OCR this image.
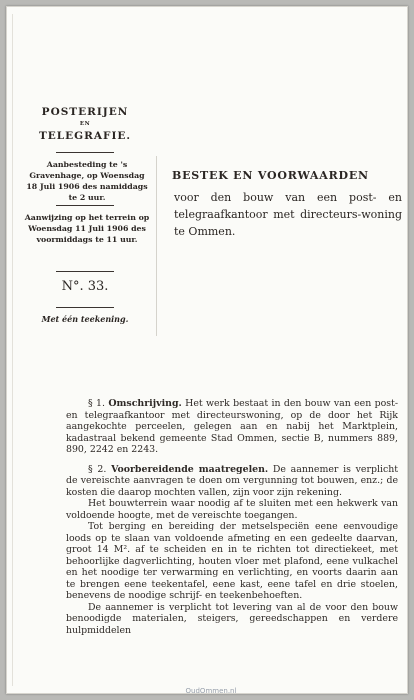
POSTERIJEN
EN
TELEGRAFIE.
Aanbesteding te 's Gravenhage, op Woensdag 18 Juli 1906 des namiddags te 2 uur.
Aanwijzing op het terrein op Woensdag 11 Juli 1906 des voormiddags te 11 uur.
N°. 33.
Met één teekening.
BESTEK EN VOORWAARDEN
voor den bouw van een post- en telegraafkantoor met directeurs-woning te Ommen.

§ 1. Omschrijving. Het werk bestaat in den bouw van een post- en telegraafkantoor met directeurswoning, op de door het Rijk aangekochte perceelen, gelegen aan en nabij het Marktplein, kadastraal bekend gemeente Stad Ommen, sectie B, nummers 889, 890, 2242 en 2243.

§ 2. Voorbereidende maatregelen. De aannemer is verplicht de vereischte aanvragen te doen om vergunning tot bouwen, enz.; de kosten die daarop mochten vallen, zijn voor zijn rekening.

Het bouwterrein waar noodig af te sluiten met een hekwerk van voldoende hoogte, met de vereischte toegangen.

Tot berging en bereiding der metselspeciën eene eenvoudige loods op te slaan van voldoende afmeting en een gedeelte daarvan, groot 14 M². af te scheiden en in te richten tot directiekeet, met behoorlijke dagverlichting, houten vloer met plafond, eene vulkachel en het noodige ter verwarming en verlichting, en voorts daarin aan te brengen eene teekentafel, eene kast, eene tafel en drie stoelen, benevens de noodige schrijf- en teekenbehoeften.

De aannemer is verplicht tot levering van al de voor den bouw benoodigde materialen, steigers, gereedschappen en verdere hulpmiddelen

OudOmmen.nl
